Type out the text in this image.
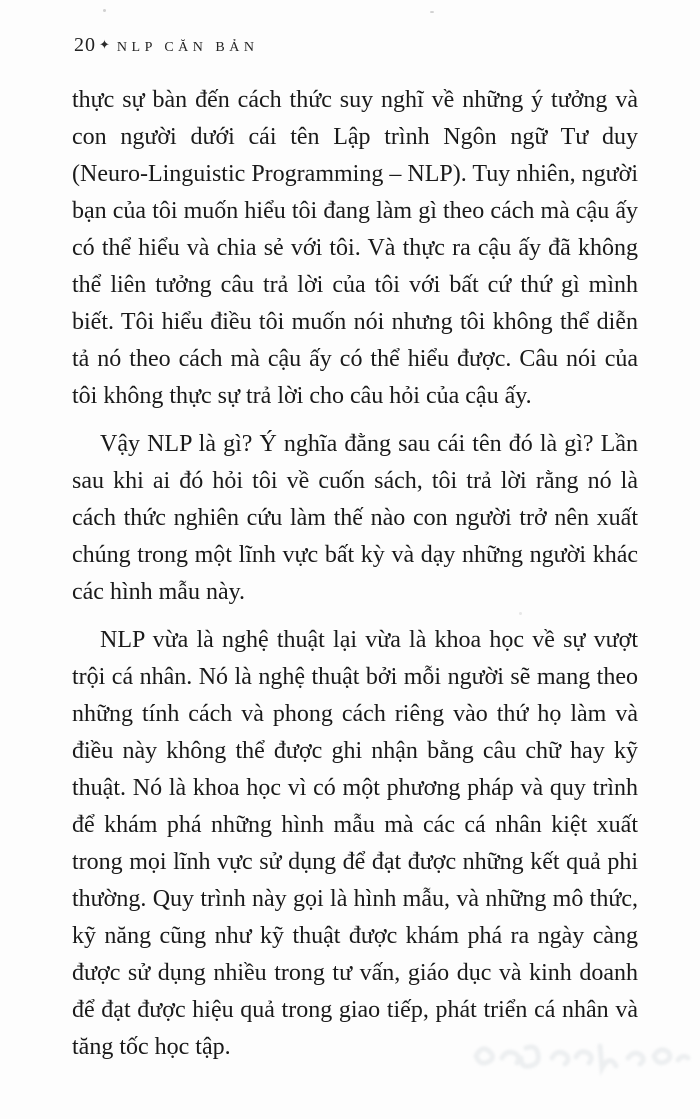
20 ✦ NLP CĂN BẢN

thực sự bàn đến cách thức suy nghĩ về những ý tưởng và con người dưới cái tên Lập trình Ngôn ngữ Tư duy (Neuro-Linguistic Programming – NLP). Tuy nhiên, người bạn của tôi muốn hiểu tôi đang làm gì theo cách mà cậu ấy có thể hiểu và chia sẻ với tôi. Và thực ra cậu ấy đã không thể liên tưởng câu trả lời của tôi với bất cứ thứ gì mình biết. Tôi hiểu điều tôi muốn nói nhưng tôi không thể diễn tả nó theo cách mà cậu ấy có thể hiểu được. Câu nói của tôi không thực sự trả lời cho câu hỏi của cậu ấy.

Vậy NLP là gì? Ý nghĩa đằng sau cái tên đó là gì? Lần sau khi ai đó hỏi tôi về cuốn sách, tôi trả lời rằng nó là cách thức nghiên cứu làm thế nào con người trở nên xuất chúng trong một lĩnh vực bất kỳ và dạy những người khác các hình mẫu này.

NLP vừa là nghệ thuật lại vừa là khoa học về sự vượt trội cá nhân. Nó là nghệ thuật bởi mỗi người sẽ mang theo những tính cách và phong cách riêng vào thứ họ làm và điều này không thể được ghi nhận bằng câu chữ hay kỹ thuật. Nó là khoa học vì có một phương pháp và quy trình để khám phá những hình mẫu mà các cá nhân kiệt xuất trong mọi lĩnh vực sử dụng để đạt được những kết quả phi thường. Quy trình này gọi là hình mẫu, và những mô thức, kỹ năng cũng như kỹ thuật được khám phá ra ngày càng được sử dụng nhiều trong tư vấn, giáo dục và kinh doanh để đạt được hiệu quả trong giao tiếp, phát triển cá nhân và tăng tốc học tập.
